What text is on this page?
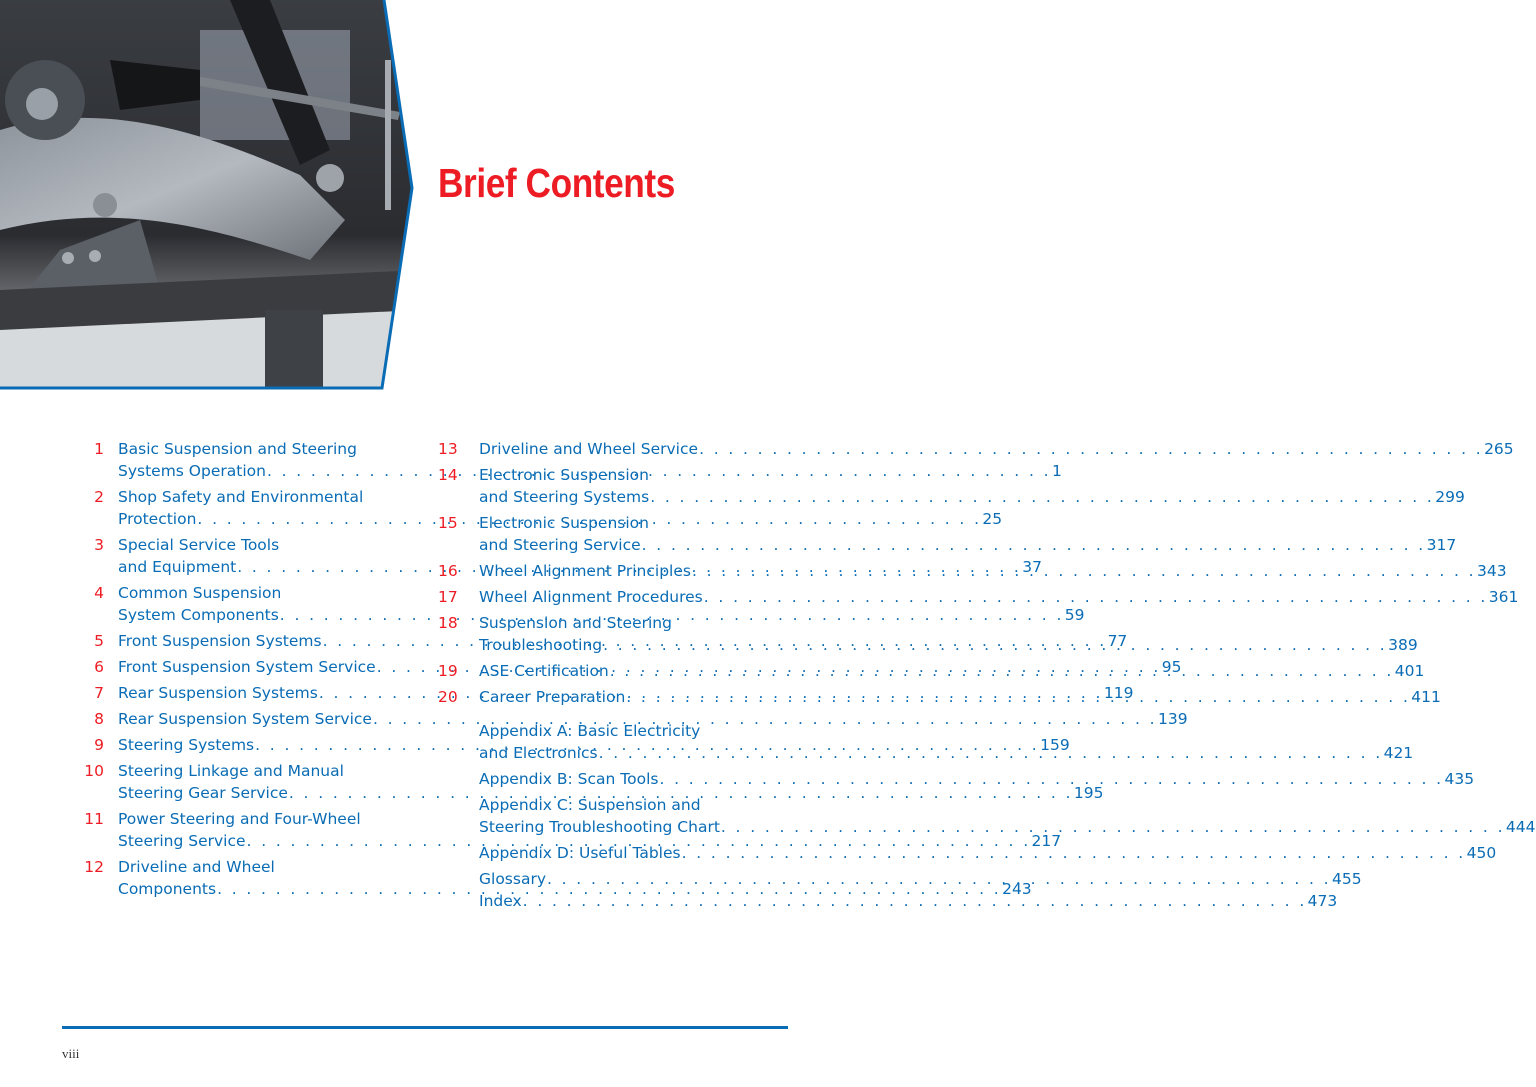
Brief Contents
1 Basic Suspension and Steering
Systems Operation . . .	1
2 Shop Safety and Environmental
Protection . . .	25
3 Special Service Tools
and Equipment . . .	37
4 Common Suspension
System Components . . .	59
5 Front Suspension Systems . . .	77
6 Front Suspension System Service . . .	95
7 Rear Suspension Systems . . .	119
8 Rear Suspension System Service . . .	139
9 Steering Systems . . .	159
10 Steering Linkage and Manual
Steering Gear Service . . .	195
11 Power Steering and Four-Wheel
Steering Service . . .	217
12 Driveline and Wheel
Components . . .	243
13	Driveline and Wheel Service . . .	265
14	Electronic Suspension
and Steering Systems . . .	299
15	Electronic Suspension
and Steering Service . . .	317
16	Wheel Alignment Principles . . .	343
17	Wheel Alignment Procedures . . .	361
18	Suspension and Steering
Troubleshooting . . .	389
19	ASE Certification . . .	401
20	Career Preparation . . .	411
Appendix A: Basic Electricity
and Electronics . . .	421
Appendix B: Scan Tools . . .	435
Appendix C: Suspension and
Steering Troubleshooting Chart . . .	444
Appendix D: Useful Tables . . .	450
Glossary . . .	455
Index . . .	473
viii
